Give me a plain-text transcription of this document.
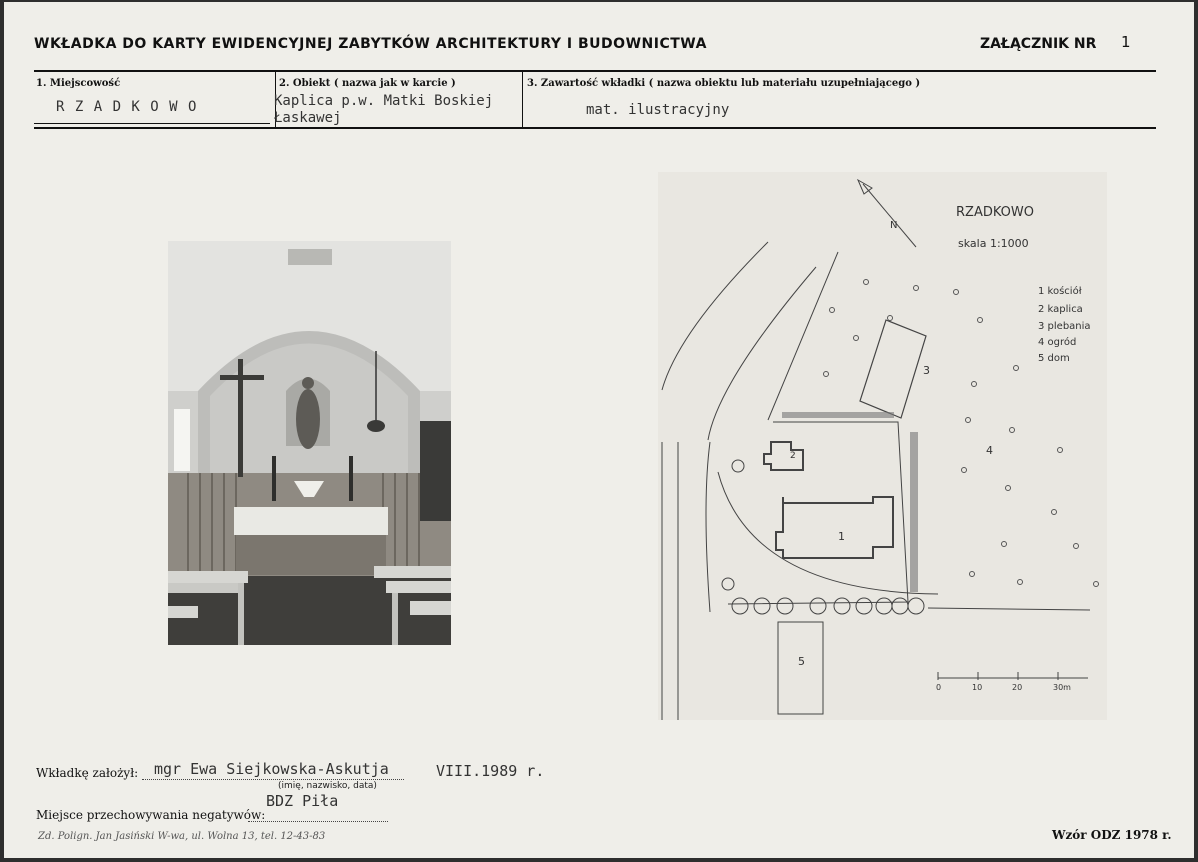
WKŁADKA DO KARTY EWIDENCYJNEJ ZABYTKÓW ARCHITEKTURY I BUDOWNICTWA	ZAŁĄCZNIK NR 1
1. Miejscowość
R Z A D K O W O
2. Obiekt ( nazwa jak w karcie )
Kaplica p.w. Matki Boskiej
Łaskawej
3. Zawartość wkładki ( nazwa obiektu lub materiału uzupełniającego )
mat. ilustracyjny
RZADKOWO
skala 1:1000
N
1 kościół
2 kaplica
3 plebania
4 ogród
5 dom
1
2
3
4
5
0	10	20	30m
Wkładkę założył: mgr Ewa Siejkowska-Askutja	VIII.1989 r.
(imię, nazwisko, data)
BDZ Piła
Miejsce przechowywania negatywów:
Zd. Polign. Jan Jasiński W-wa, ul. Wolna 13, tel. 12-43-83	Wzór ODZ 1978 r.
